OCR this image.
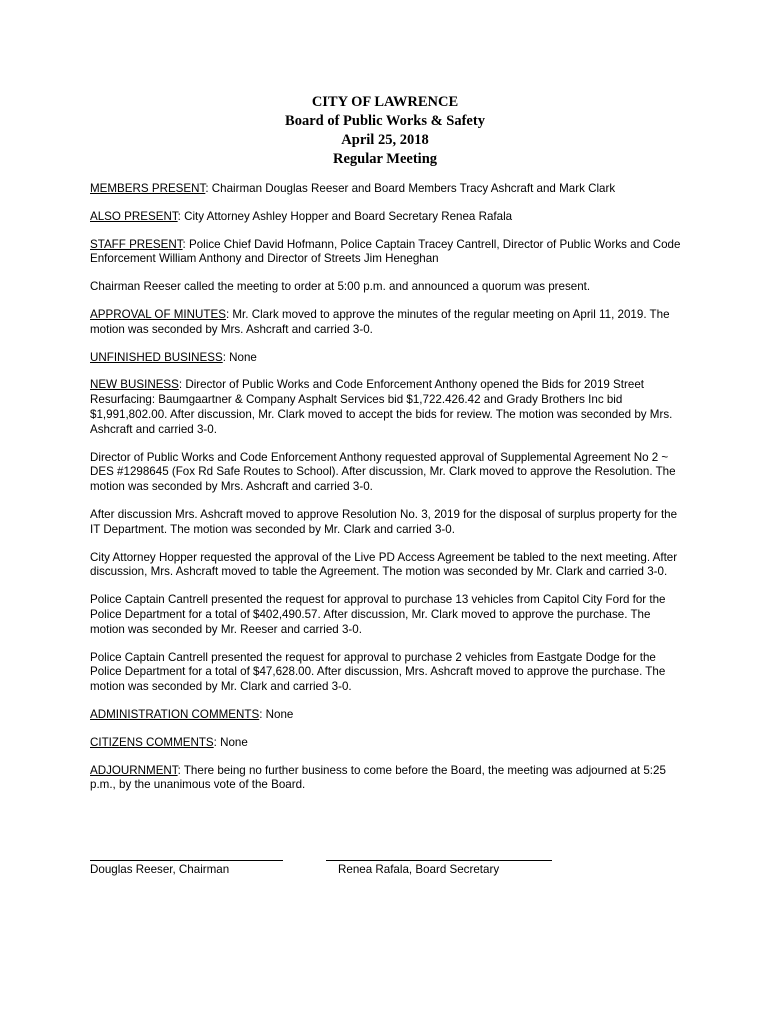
CITY OF LAWRENCE
Board of Public Works & Safety
April 25, 2018
Regular Meeting

MEMBERS PRESENT: Chairman Douglas Reeser and Board Members Tracy Ashcraft and Mark Clark

ALSO PRESENT: City Attorney Ashley Hopper and Board Secretary Renea Rafala

STAFF PRESENT: Police Chief David Hofmann, Police Captain Tracey Cantrell, Director of Public Works and Code Enforcement William Anthony and Director of Streets Jim Heneghan

Chairman Reeser called the meeting to order at 5:00 p.m. and announced a quorum was present.

APPROVAL OF MINUTES: Mr. Clark moved to approve the minutes of the regular meeting on April 11, 2019. The motion was seconded by Mrs. Ashcraft and carried 3-0.

UNFINISHED BUSINESS: None

NEW BUSINESS: Director of Public Works and Code Enforcement Anthony opened the Bids for 2019 Street Resurfacing: Baumgaartner & Company Asphalt Services bid $1,722.426.42 and Grady Brothers Inc bid $1,991,802.00. After discussion, Mr. Clark moved to accept the bids for review. The motion was seconded by Mrs. Ashcraft and carried 3-0.

Director of Public Works and Code Enforcement Anthony requested approval of Supplemental Agreement No 2 ~ DES #1298645 (Fox Rd Safe Routes to School). After discussion, Mr. Clark moved to approve the Resolution. The motion was seconded by Mrs. Ashcraft and carried 3-0.

After discussion Mrs. Ashcraft moved to approve Resolution No. 3, 2019 for the disposal of surplus property for the IT Department. The motion was seconded by Mr. Clark and carried 3-0.

City Attorney Hopper requested the approval of the Live PD Access Agreement be tabled to the next meeting. After discussion, Mrs. Ashcraft moved to table the Agreement. The motion was seconded by Mr. Clark and carried 3-0.

Police Captain Cantrell presented the request for approval to purchase 13 vehicles from Capitol City Ford for the Police Department for a total of $402,490.57. After discussion, Mr. Clark moved to approve the purchase. The motion was seconded by Mr. Reeser and carried 3-0.

Police Captain Cantrell presented the request for approval to purchase 2 vehicles from Eastgate Dodge for the Police Department for a total of $47,628.00. After discussion, Mrs. Ashcraft moved to approve the purchase. The motion was seconded by Mr. Clark and carried 3-0.

ADMINISTRATION COMMENTS: None

CITIZENS COMMENTS: None

ADJOURNMENT: There being no further business to come before the Board, the meeting was adjourned at 5:25 p.m., by the unanimous vote of the Board.

Douglas Reeser, Chairman	Renea Rafala, Board Secretary
